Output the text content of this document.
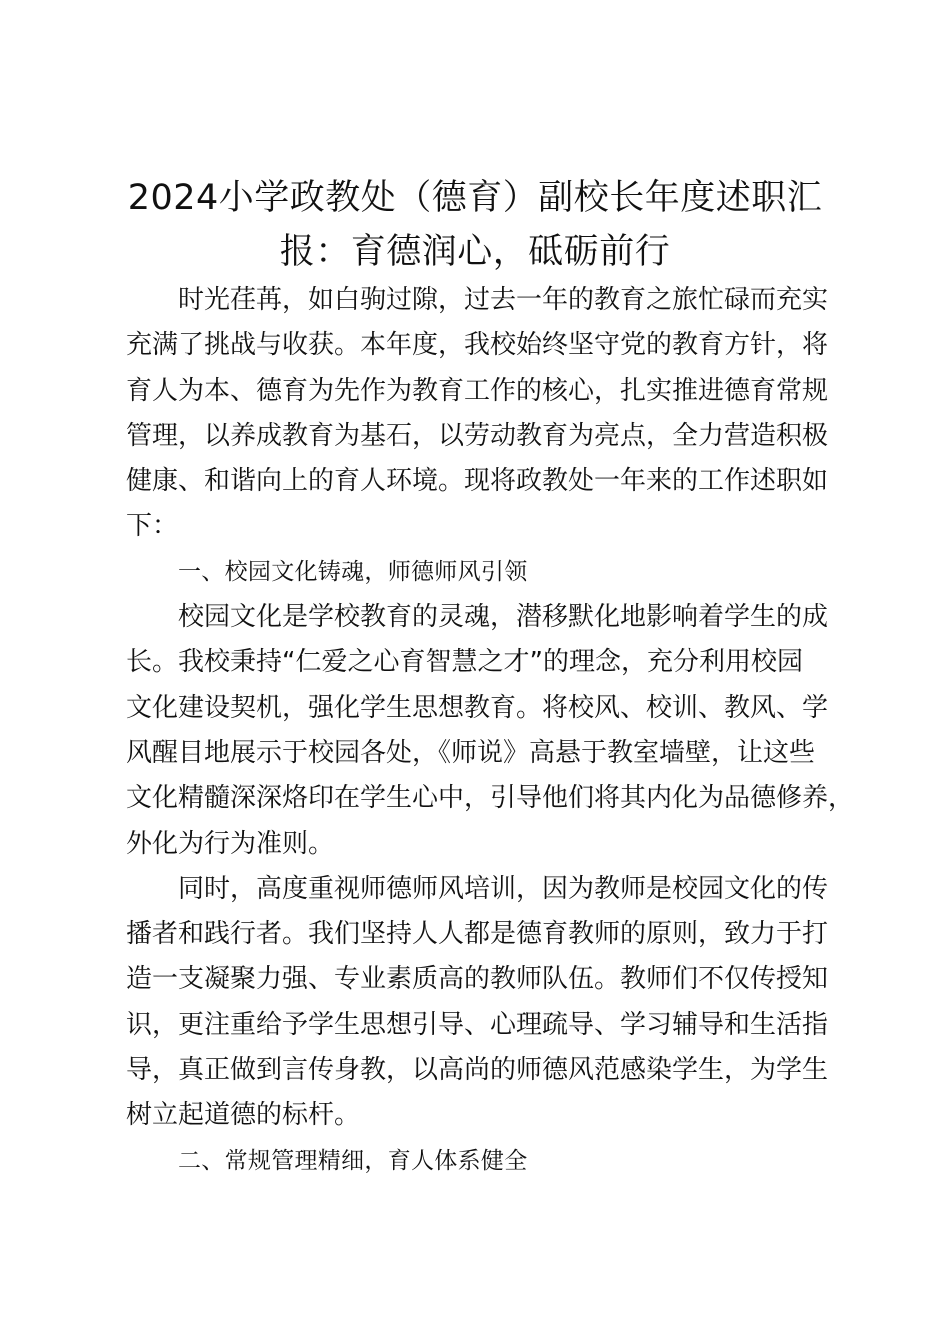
2024小学政教处（德育）副校长年度述职汇
报：育德润心，砥砺前行

时光荏苒，如白驹过隙，过去一年的教育之旅忙碌而充实
充满了挑战与收获。本年度，我校始终坚守党的教育方针，将
育人为本、德育为先作为教育工作的核心，扎实推进德育常规
管理，以养成教育为基石，以劳动教育为亮点，全力营造积极
健康、和谐向上的育人环境。现将政教处一年来的工作述职如
下：

一、校园文化铸魂，师德师风引领

校园文化是学校教育的灵魂，潜移默化地影响着学生的成
长。我校秉持“仁爱之心育智慧之才”的理念，充分利用校园
文化建设契机，强化学生思想教育。将校风、校训、教风、学
风醒目地展示于校园各处，《师说》高悬于教室墙壁，让这些
文化精髓深深烙印在学生心中，引导他们将其内化为品德修养，
外化为行为准则。

同时，高度重视师德师风培训，因为教师是校园文化的传
播者和践行者。我们坚持人人都是德育教师的原则，致力于打
造一支凝聚力强、专业素质高的教师队伍。教师们不仅传授知
识，更注重给予学生思想引导、心理疏导、学习辅导和生活指
导，真正做到言传身教，以高尚的师德风范感染学生，为学生
树立起道德的标杆。

二、常规管理精细，育人体系健全
